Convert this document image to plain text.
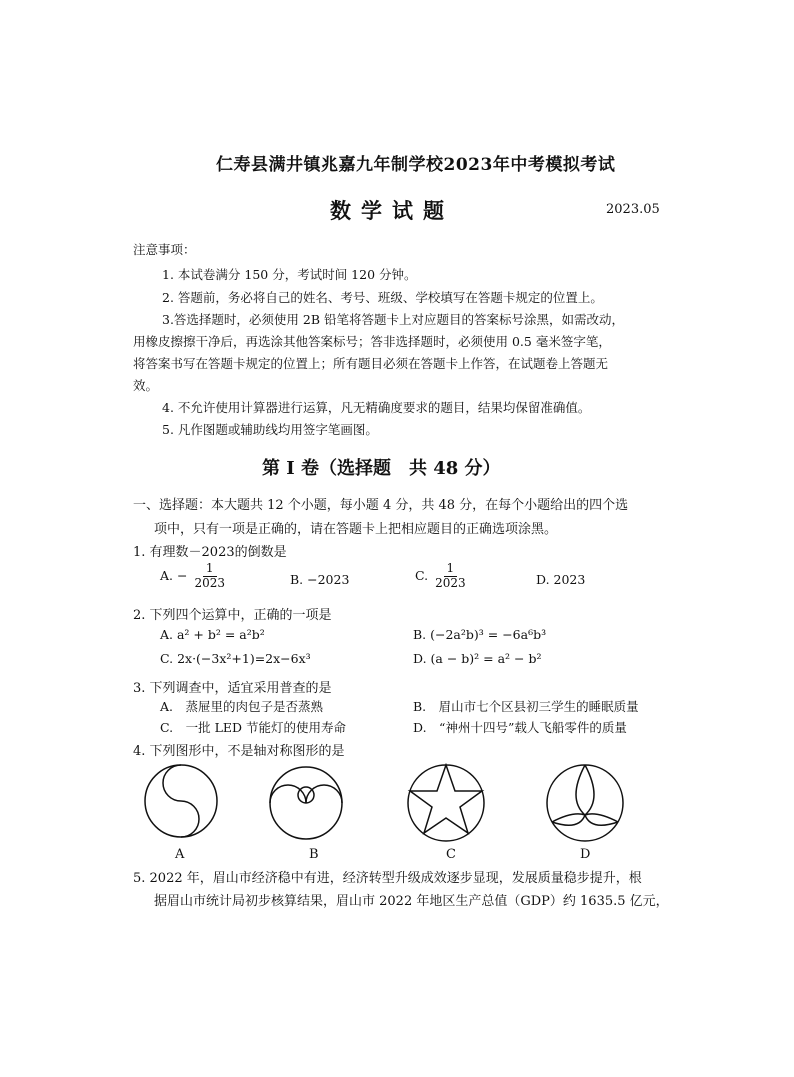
仁寿县满井镇兆嘉九年制学校2023年中考模拟考试
数学试题	2023.05
注意事项：
1. 本试卷满分 150 分，考试时间 120 分钟。
2. 答题前，务必将自己的姓名、考号、班级、学校填写在答题卡规定的位置上。
3.答选择题时，必须使用 2B 铅笔将答题卡上对应题目的答案标号涂黑，如需改动，
用橡皮擦擦干净后，再选涂其他答案标号；答非选择题时，必须使用 0.5 毫米签字笔，
将答案书写在答题卡规定的位置上；所有题目必须在答题卡上作答，在试题卷上答题无
效。
4. 不允许使用计算器进行运算，凡无精确度要求的题目，结果均保留准确值。
5. 凡作图题或辅助线均用签字笔画图。
第 I 卷（选择题　共 48 分）
一、选择题：本大题共 12 个小题，每小题 4 分，共 48 分，在每个小题给出的四个选
项中，只有一项是正确的，请在答题卡上把相应题目的正确选项涂黑。
1. 有理数－2023的倒数是
A. − $\frac{1}{2023}$	B. −2023	C. $\frac{1}{2023}$	D. 2023
2. 下列四个运算中，正确的一项是
A. a² + b² = a²b²	B. (−2a²b)³ = −6a⁶b³
C. 2x·(−3x²+1)=2x−6x³	D. (a − b)² = a² − b²
3. 下列调查中，适宜采用普查的是
A.　蒸屉里的肉包子是否蒸熟	B.　眉山市七个区县初三学生的睡眠质量
C.　一批 LED 节能灯的使用寿命	D.　“神州十四号”载人飞船零件的质量
4. 下列图形中，不是轴对称图形的是
A	B	C	D
5. 2022 年，眉山市经济稳中有进，经济转型升级成效逐步显现，发展质量稳步提升，根
据眉山市统计局初步核算结果，眉山市 2022 年地区生产总值（GDP）约 1635.5 亿元，
